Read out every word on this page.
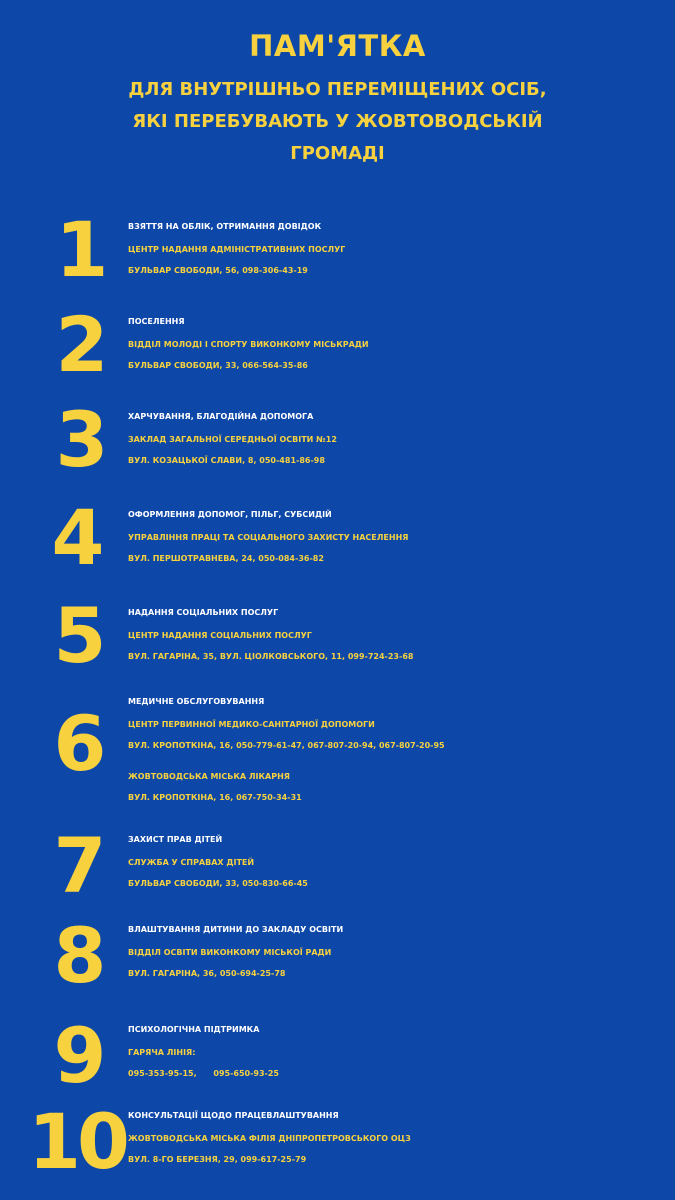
ПАМ'ЯТКА
ДЛЯ ВНУТРІШНЬО ПЕРЕМІЩЕНИХ ОСІБ,
ЯКІ ПЕРЕБУВАЮТЬ У ЖОВТОВОДСЬКІЙ
ГРОМАДІ
1	ВЗЯТТЯ НА ОБЛІК, ОТРИМАННЯ ДОВІДОК
ЦЕНТР НАДАННЯ АДМІНІСТРАТИВНИХ ПОСЛУГ
БУЛЬВАР СВОБОДИ, 56, 098-306-43-19
2	ПОСЕЛЕННЯ
ВІДДІЛ МОЛОДІ І СПОРТУ ВИКОНКОМУ МІСЬКРАДИ
БУЛЬВАР СВОБОДИ, 33, 066-564-35-86
3	ХАРЧУВАННЯ, БЛАГОДІЙНА ДОПОМОГА
ЗАКЛАД ЗАГАЛЬНОЇ СЕРЕДНЬОЇ ОСВІТИ №12
ВУЛ. КОЗАЦЬКОЇ СЛАВИ, 8, 050-481-86-98
4	ОФОРМЛЕННЯ ДОПОМОГ, ПІЛЬГ, СУБСИДІЙ
УПРАВЛІННЯ ПРАЦІ ТА СОЦІАЛЬНОГО ЗАХИСТУ НАСЕЛЕННЯ
ВУЛ. ПЕРШОТРАВНЕВА, 24, 050-084-36-82
5	НАДАННЯ СОЦІАЛЬНИХ ПОСЛУГ
ЦЕНТР НАДАННЯ СОЦІАЛЬНИХ ПОСЛУГ
ВУЛ. ГАГАРІНА, 35, ВУЛ. ЦІОЛКОВСЬКОГО, 11, 099-724-23-68
6	МЕДИЧНЕ ОБСЛУГОВУВАННЯ
ЦЕНТР ПЕРВИННОЇ МЕДИКО-САНІТАРНОЇ ДОПОМОГИ
ВУЛ. КРОПОТКІНА, 16, 050-779-61-47, 067-807-20-94, 067-807-20-95
ЖОВТОВОДСЬКА МІСЬКА ЛІКАРНЯ
ВУЛ. КРОПОТКІНА, 16, 067-750-34-31
7	ЗАХИСТ ПРАВ ДІТЕЙ
СЛУЖБА У СПРАВАХ ДІТЕЙ
БУЛЬВАР СВОБОДИ, 33, 050-830-66-45
8	ВЛАШТУВАННЯ ДИТИНИ ДО ЗАКЛАДУ ОСВІТИ
ВІДДІЛ ОСВІТИ ВИКОНКОМУ МІСЬКОЇ РАДИ
ВУЛ. ГАГАРІНА, 36, 050-694-25-78
9	ПСИХОЛОГІЧНА ПІДТРИМКА
ГАРЯЧА ЛІНІЯ:
095-353-95-15,      095-650-93-25
10 КОНСУЛЬТАЦІЇ ЩОДО ПРАЦЕВЛАШТУВАННЯ
ЖОВТОВОДСЬКА МІСЬКА ФІЛІЯ ДНІПРОПЕТРОВСЬКОГО ОЦЗ
ВУЛ. 8-ГО БЕРЕЗНЯ, 29, 099-617-25-79
